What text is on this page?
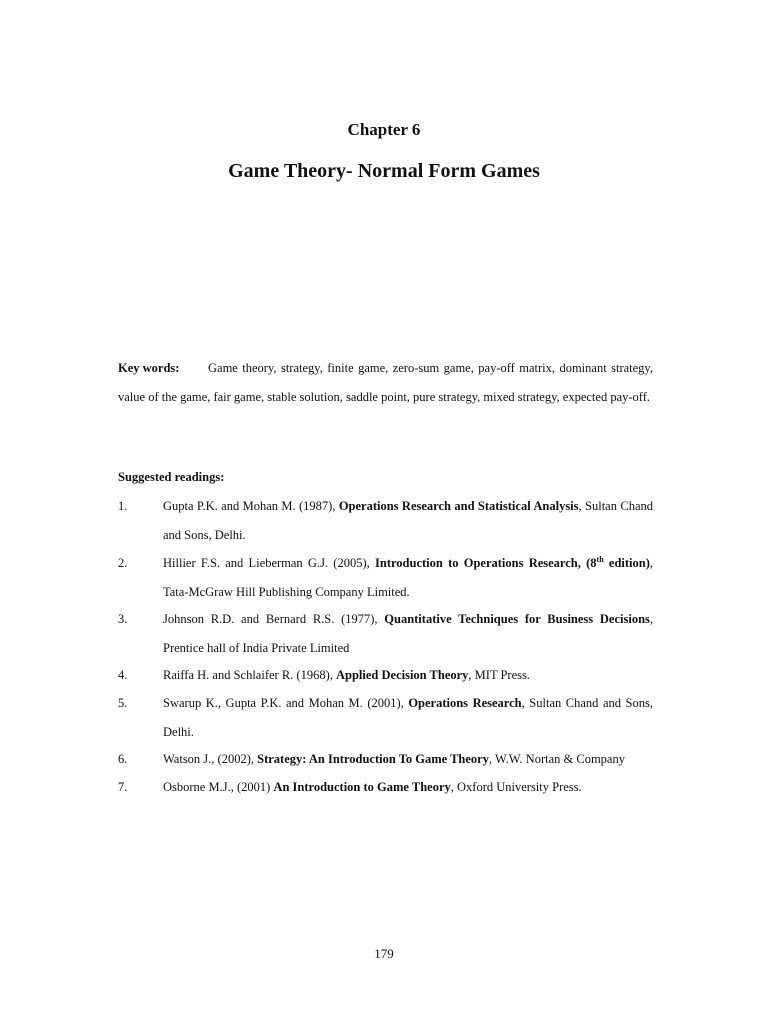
Chapter 6
Game Theory- Normal Form Games
Key words: Game theory, strategy, finite game, zero-sum game, pay-off matrix, dominant strategy, value of the game, fair game, stable solution, saddle point, pure strategy, mixed strategy, expected pay-off.
Suggested readings:
1.	Gupta P.K. and Mohan M. (1987), Operations Research and Statistical Analysis, Sultan Chand and Sons, Delhi.
2.	Hillier F.S. and Lieberman G.J. (2005), Introduction to Operations Research, (8th edition), Tata-McGraw Hill Publishing Company Limited.
3.	Johnson R.D. and Bernard R.S. (1977), Quantitative Techniques for Business Decisions, Prentice hall of India Private Limited
4.	Raiffa H. and Schlaifer R. (1968), Applied Decision Theory, MIT Press.
5.	Swarup K., Gupta P.K. and Mohan M. (2001), Operations Research, Sultan Chand and Sons, Delhi.
6.	Watson J., (2002), Strategy: An Introduction To Game Theory, W.W. Nortan & Company
7.	Osborne M.J., (2001) An Introduction to Game Theory, Oxford University Press.
179
